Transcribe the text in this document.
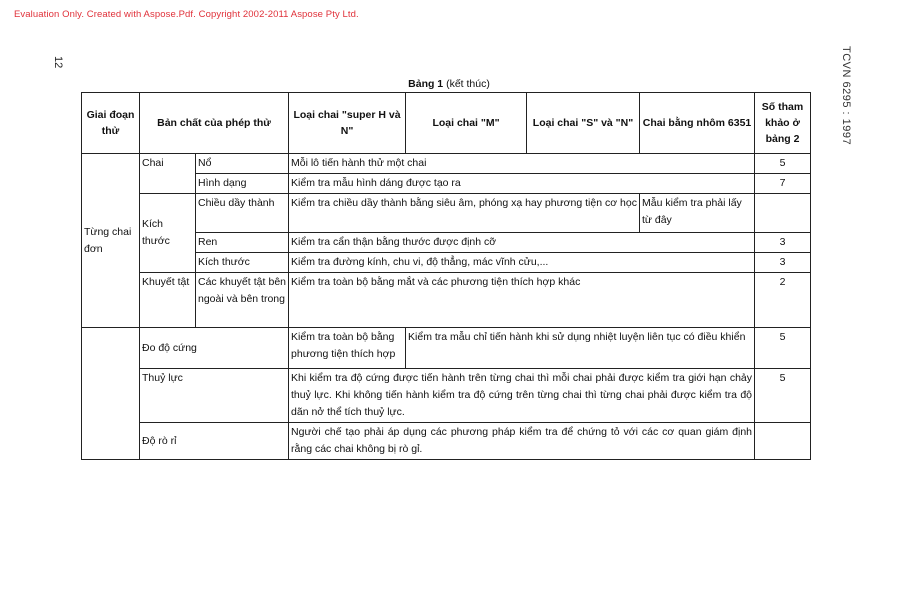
Evaluation Only. Created with Aspose.Pdf. Copyright 2002-2011 Aspose Pty Ltd.
12	TCVN 6295 : 1997
Bảng 1 (kết thúc)
Giai đoạn thử	Bản chất của phép thử		Loại chai "super H và N"	Loại chai "M"	Loại chai "S" và "N"	Chai bằng nhôm 6351	Số tham khảo ở bảng 2
Từng chai đơn	Chai	Nổ	Mỗi lô tiến hành thử một chai				5
		Hình dạng	Kiểm tra mẫu hình dáng được tạo ra				7
	Kích thước	Chiều dầy thành	Kiểm tra chiều dầy thành bằng siêu âm, phóng xạ hay phương tiện cơ học			Mẫu kiểm tra phải lấy từ đây	
		Ren	Kiểm tra cẩn thận bằng thước được định cỡ				3
		Kích thước	Kiểm tra đường kính, chu vi, độ thẳng, mác vĩnh cửu,...				3
	Khuyết tật	Các khuyết tật bên ngoài và bên trong	Kiểm tra toàn bộ bằng mắt và các phương tiện thích hợp khác				2
	Đo độ cứng		Kiểm tra toàn bộ bằng phương tiện thích hợp	Kiểm tra mẫu chỉ tiến hành khi sử dụng nhiệt luyện liên tục có điều khiển			5
	Thuỷ lực		Khi kiểm tra độ cứng được tiến hành trên từng chai thì mỗi chai phải được kiểm tra giới hạn chảy thuỷ lực. Khi không tiến hành kiểm tra độ cứng trên từng chai thì từng chai phải được kiểm tra độ dãn nở thể tích thuỷ lực.				5
	Độ rò rỉ		Người chế tạo phải áp dụng các phương pháp kiểm tra để chứng tỏ với các cơ quan giám định rằng các chai không bị rò gỉ.				
